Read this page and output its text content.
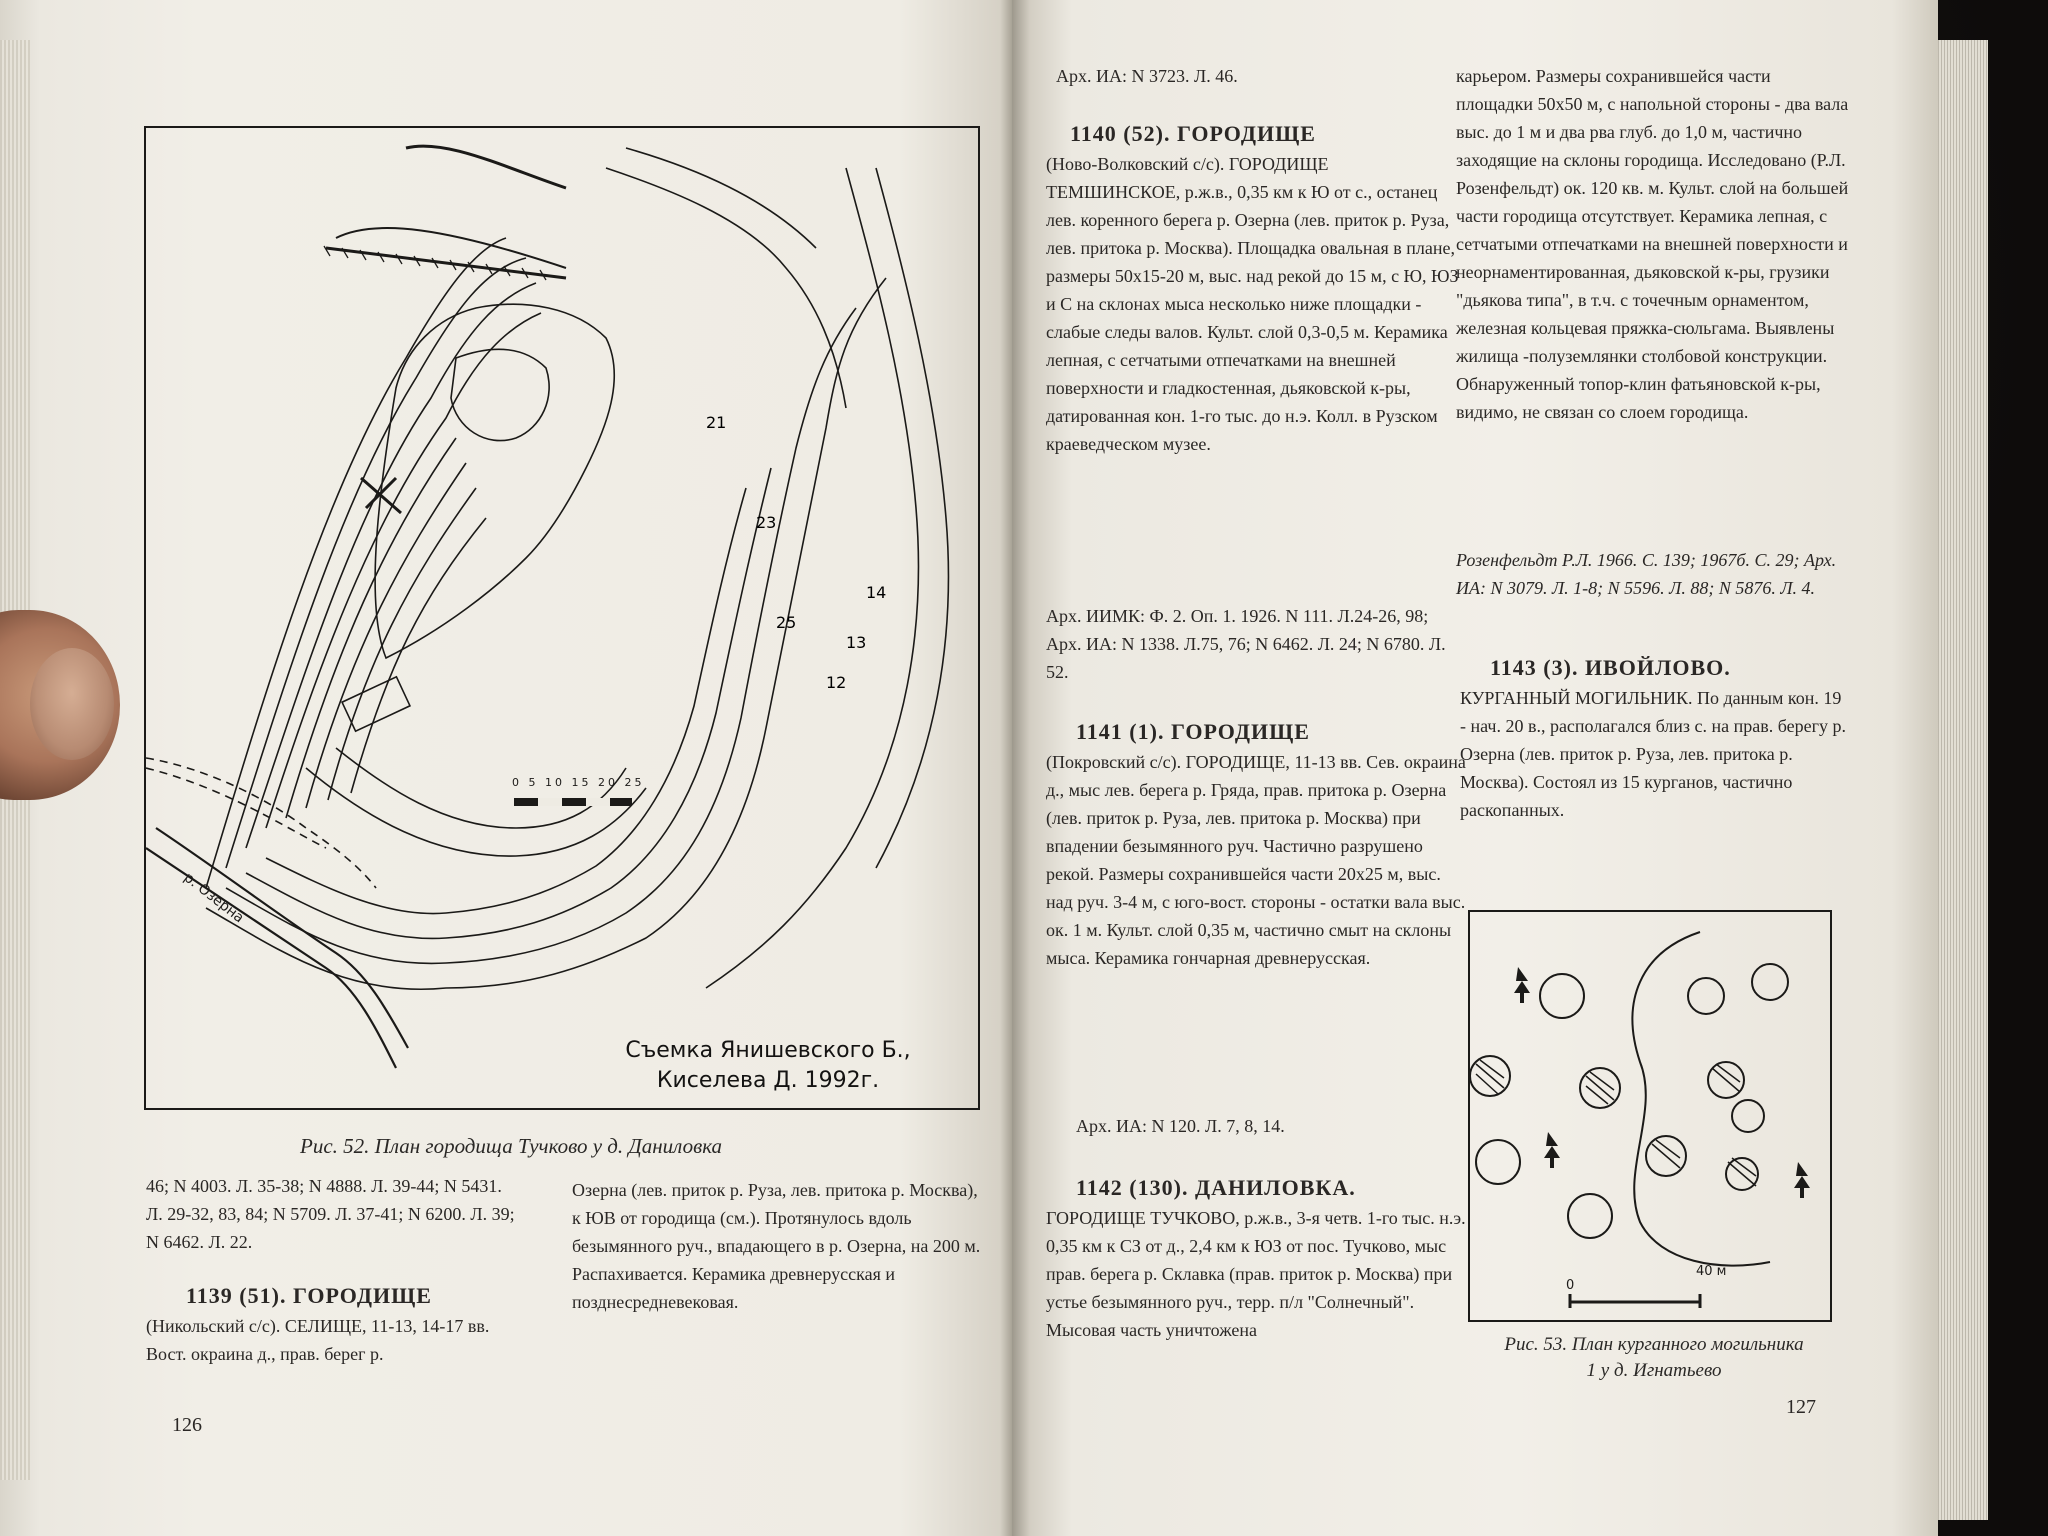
21
23
25
12
13
14
0 5 10 15 20 25
р. Озерна
Съемка Янишевского Б.,
Киселева Д. 1992г.
Рис. 52. План городища Тучково у д. Даниловка
46; N 4003. Л. 35-38; N 4888. Л. 39-44; N 5431. Л. 29-32, 83, 84; N 5709. Л. 37-41; N 6200. Л. 39; N 6462. Л. 22.
1139 (51). ГОРОДИЩЕ
(Никольский с/с). СЕЛИЩЕ, 11-13, 14-17 вв. Вост. окраина д., прав. берег р.
Озерна (лев. приток р. Руза, лев. притока р. Москва), к ЮВ от городища (см.). Протянулось вдоль безымянного руч., впадающего в р. Озерна, на 200 м. Распахивается. Керамика древнерусская и позднесредневековая.
126
Арх. ИА: N 3723. Л. 46.
1140 (52). ГОРОДИЩЕ
(Ново-Волковский с/с). ГОРОДИЩЕ ТЕМШИНСКОЕ, р.ж.в., 0,35 км к Ю от с., останец лев. коренного берега р. Озерна (лев. приток р. Руза, лев. притока р. Москва). Площадка овальная в плане, размеры 50х15-20 м, выс. над рекой до 15 м, с Ю, ЮЗ и С на склонах мыса несколько ниже площадки - слабые следы валов. Культ. слой 0,3-0,5 м. Керамика лепная, с сетчатыми отпечатками на внешней поверхности и гладкостенная, дьяковской к-ры, датированная кон. 1-го тыс. до н.э. Колл. в Рузском краеведческом музее.
Арх. ИИМК: Ф. 2. Оп. 1. 1926. N 111. Л.24-26, 98; Арх. ИА: N 1338. Л.75, 76; N 6462. Л. 24; N 6780. Л. 52.
1141 (1). ГОРОДИЩЕ
(Покровский с/с). ГОРОДИЩЕ, 11-13 вв. Сев. окраина д., мыс лев. берега р. Гряда, прав. притока р. Озерна (лев. приток р. Руза, лев. притока р. Москва) при впадении безымянного руч. Частично разрушено рекой. Размеры сохранившейся части 20х25 м, выс. над руч. 3-4 м, с юго-вост. стороны - остатки вала выс. ок. 1 м. Культ. слой 0,35 м, частично смыт на склоны мыса. Керамика гончарная древнерусская.
Арх. ИА: N 120. Л. 7, 8, 14.
1142 (130). ДАНИЛОВКА.
ГОРОДИЩЕ ТУЧКОВО, р.ж.в., 3-я четв. 1-го тыс. н.э. 0,35 км к СЗ от д., 2,4 км к ЮЗ от пос. Тучково, мыс прав. берега р. Склавка (прав. приток р. Москва) при устье безымянного руч., терр. п/л "Солнечный". Мысовая часть уничтожена
карьером. Размеры сохранившейся части площадки 50х50 м, с напольной стороны - два вала выс. до 1 м и два рва глуб. до 1,0 м, частично заходящие на склоны городища. Исследовано (Р.Л. Розенфельдт) ок. 120 кв. м. Культ. слой на большей части городища отсутствует. Керамика лепная, с сетчатыми отпечатками на внешней поверхности и неорнаментированная, дьяковской к-ры, грузики "дьякова типа", в т.ч. с точечным орнаментом, железная кольцевая пряжка-сюльгама. Выявлены жилища -полуземлянки столбовой конструкции. Обнаруженный топор-клин фатьяновской к-ры, видимо, не связан со слоем городища.
Розенфельдт Р.Л. 1966. С. 139; 1967б. С. 29; Арх. ИА: N 3079. Л. 1-8; N 5596. Л. 88; N 5876. Л. 4.
1143 (3). ИВОЙЛОВО.
КУРГАННЫЙ МОГИЛЬНИК. По данным кон. 19 - нач. 20 в., располагался близ с. на прав. берегу р. Озерна (лев. приток р. Руза, лев. притока р. Москва). Состоял из 15 курганов, частично раскопанных.
0
40 м
Рис. 53. План курганного могильника
1 у д. Игнатьево
127
